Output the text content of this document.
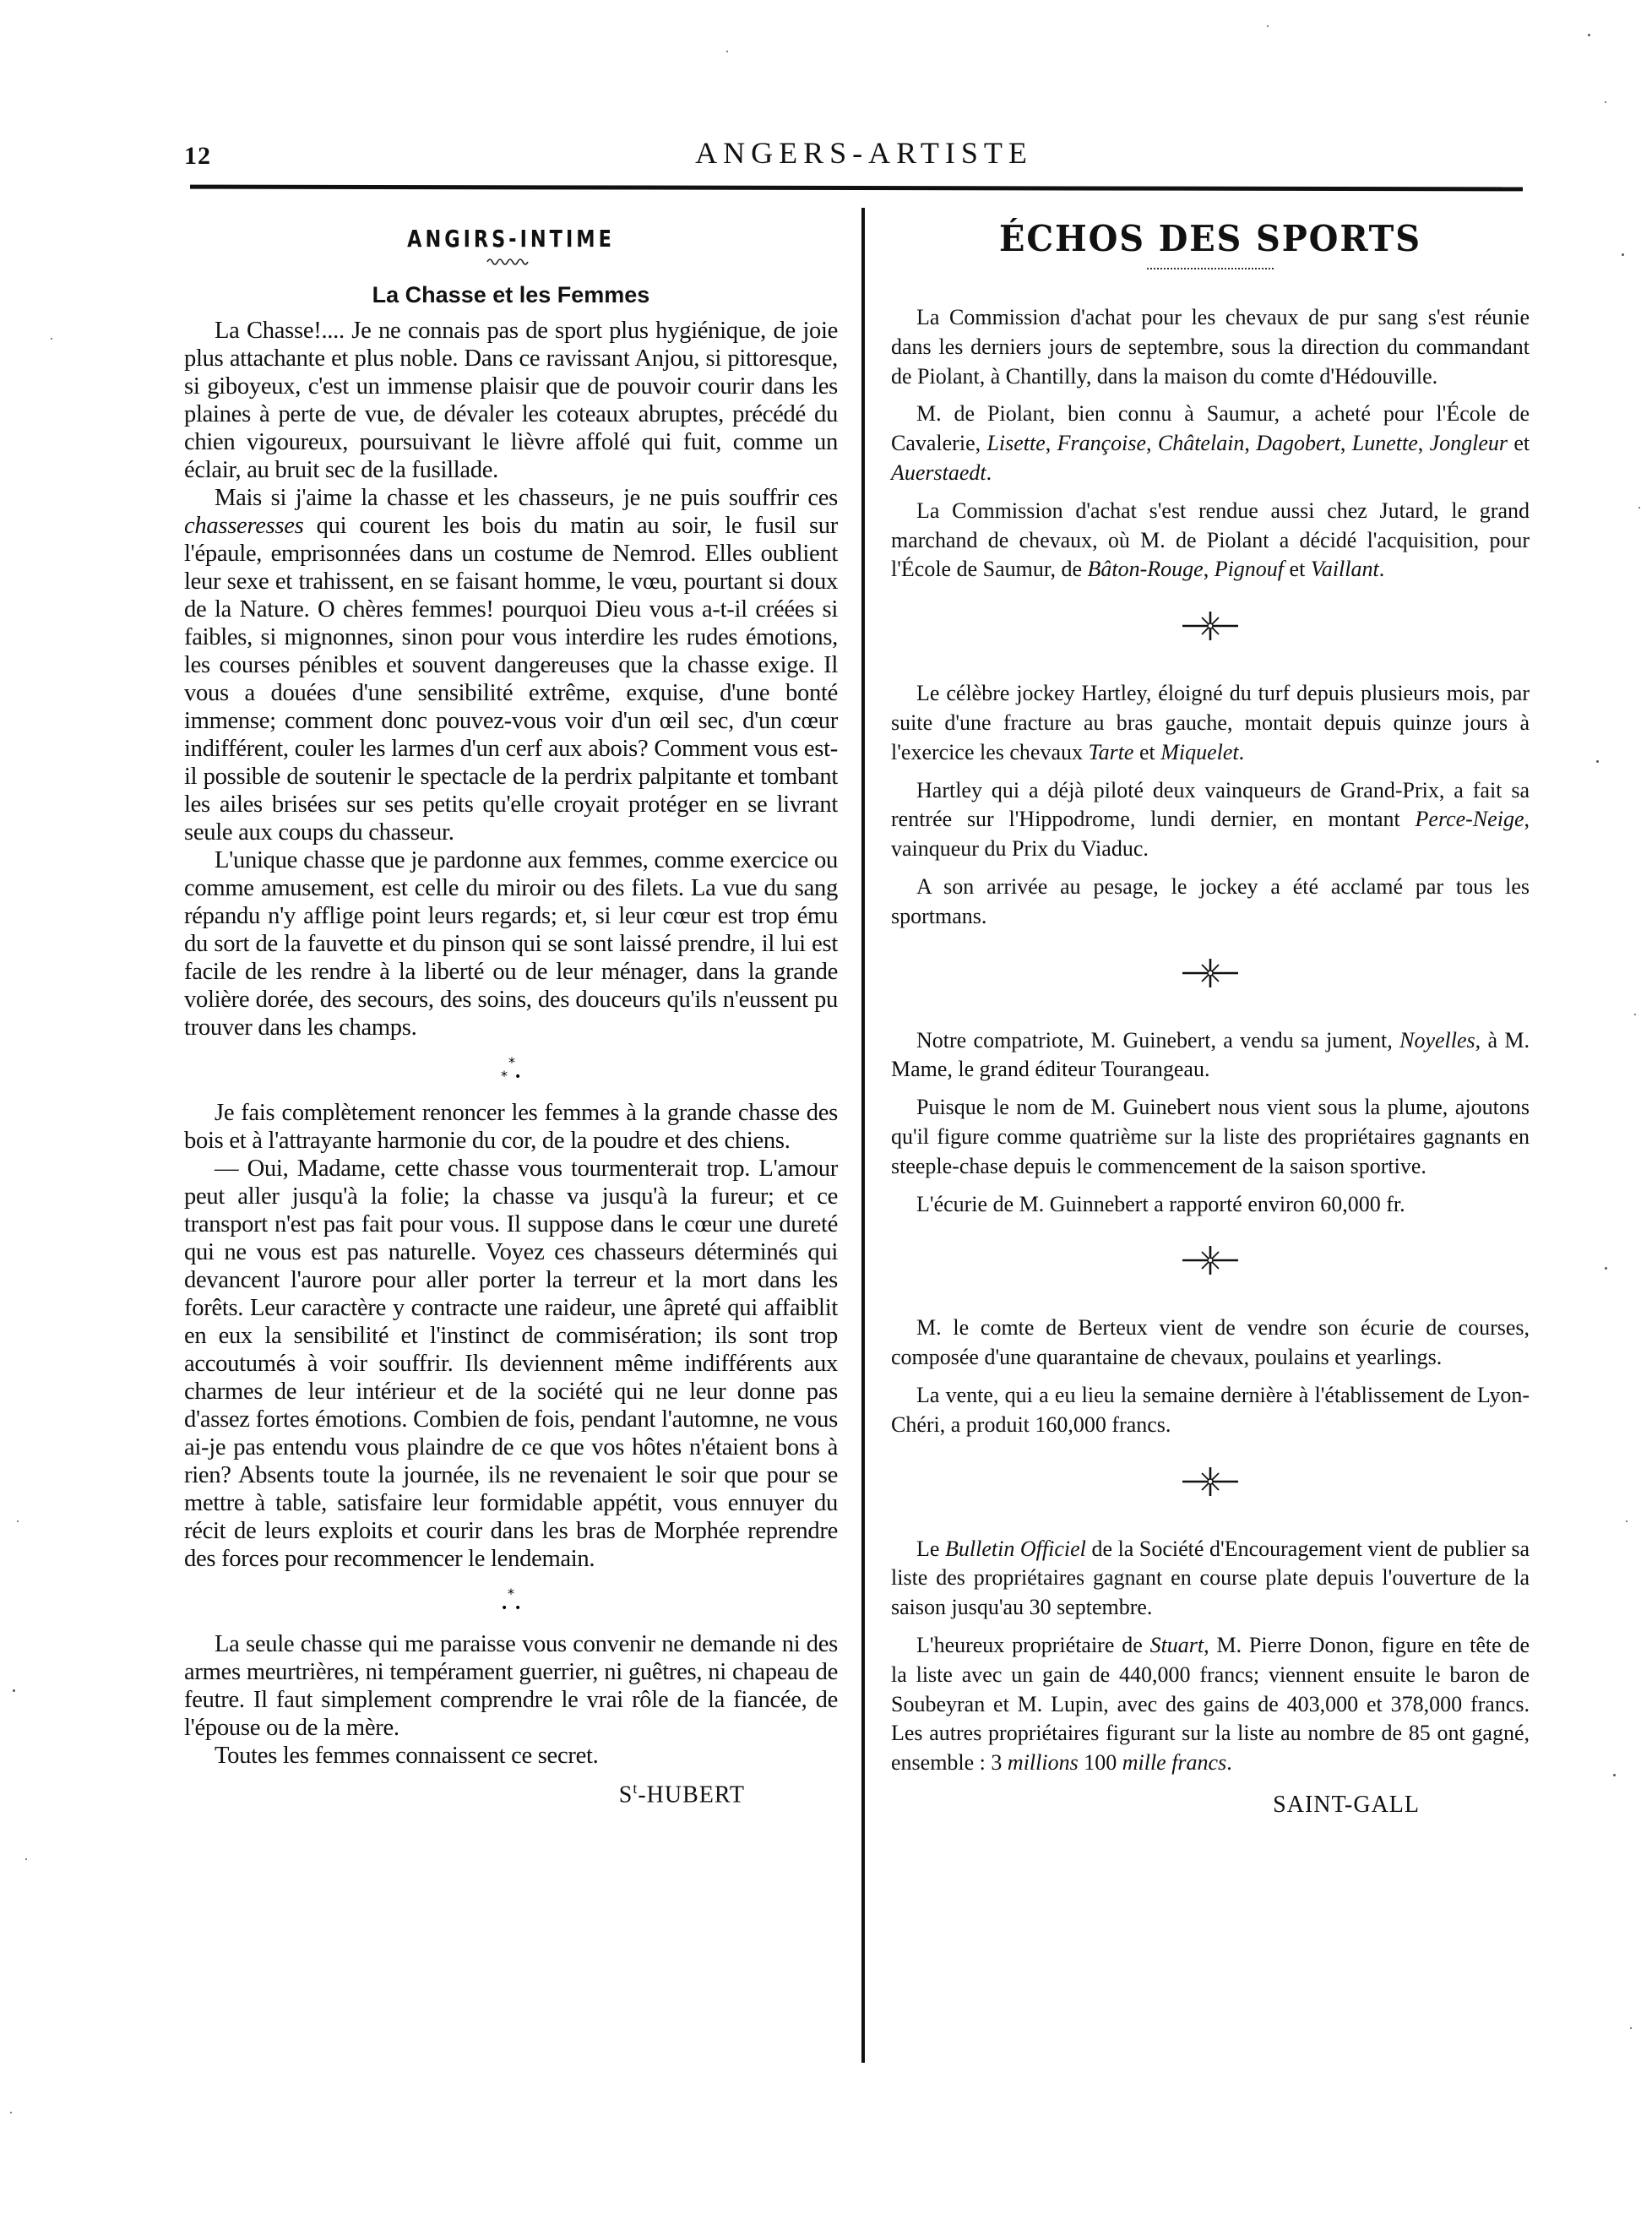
12	ANGERS-ARTISTE
ANGIRS-INTIME
La Chasse et les Femmes

La Chasse!.... Je ne connais pas de sport plus hygiénique, de joie plus attachante et plus noble. Dans ce ravissant Anjou, si pittoresque, si giboyeux, c'est un immense plaisir que de pouvoir courir dans les plaines à perte de vue, de dévaler les coteaux abruptes, précédé du chien vigoureux, poursuivant le lièvre affolé qui fuit, comme un éclair, au bruit sec de la fusillade.

Mais si j'aime la chasse et les chasseurs, je ne puis souffrir ces chasseresses qui courent les bois du matin au soir, le fusil sur l'épaule, emprisonnées dans un costume de Nemrod. Elles oublient leur sexe et trahissent, en se faisant homme, le vœu, pourtant si doux de la Nature. O chères femmes! pourquoi Dieu vous a-t-il créées si faibles, si mignonnes, sinon pour vous interdire les rudes émotions, les courses pénibles et souvent dangereuses que la chasse exige. Il vous a douées d'une sensibilité extrême, exquise, d'une bonté immense; comment donc pouvez-vous voir d'un œil sec, d'un cœur indifférent, couler les larmes d'un cerf aux abois? Comment vous est-il possible de soutenir le spectacle de la perdrix palpitante et tombant les ailes brisées sur ses petits qu'elle croyait protéger en se livrant seule aux coups du chasseur.

L'unique chasse que je pardonne aux femmes, comme exercice ou comme amusement, est celle du miroir ou des filets. La vue du sang répandu n'y afflige point leurs regards; et, si leur cœur est trop ému du sort de la fauvette et du pinson qui se sont laissé prendre, il lui est facile de les rendre à la liberté ou de leur ménager, dans la grande volière dorée, des secours, des soins, des douceurs qu'ils n'eussent pu trouver dans les champs.

*
* •

Je fais complètement renoncer les femmes à la grande chasse des bois et à l'attrayante harmonie du cor, de la poudre et des chiens.

— Oui, Madame, cette chasse vous tourmenterait trop. L'amour peut aller jusqu'à la folie; la chasse va jusqu'à la fureur; et ce transport n'est pas fait pour vous. Il suppose dans le cœur une dureté qui ne vous est pas naturelle. Voyez ces chasseurs déterminés qui devancent l'aurore pour aller porter la terreur et la mort dans les forêts. Leur caractère y contracte une raideur, une âpreté qui affaiblit en eux la sensibilité et l'instinct de commisération; ils sont trop accoutumés à voir souffrir. Ils deviennent même indifférents aux charmes de leur intérieur et de la société qui ne leur donne pas d'assez fortes émotions. Combien de fois, pendant l'automne, ne vous ai-je pas entendu vous plaindre de ce que vos hôtes n'étaient bons à rien? Absents toute la journée, ils ne revenaient le soir que pour se mettre à table, satisfaire leur formidable appétit, vous ennuyer du récit de leurs exploits et courir dans les bras de Morphée reprendre des forces pour recommencer le lendemain.

*
• •

La seule chasse qui me paraisse vous convenir ne demande ni des armes meurtrières, ni tempérament guerrier, ni guêtres, ni chapeau de feutre. Il faut simplement comprendre le vrai rôle de la fiancée, de l'épouse ou de la mère.

Toutes les femmes connaissent ce secret.

$S^t$-HUBERT
ÉCHOS DES SPORTS

La Commission d'achat pour les chevaux de pur sang s'est réunie dans les derniers jours de septembre, sous la direction du commandant de Piolant, à Chantilly, dans la maison du comte d'Hédouville.

M. de Piolant, bien connu à Saumur, a acheté pour l'École de Cavalerie, Lisette, Françoise, Châtelain, Dagobert, Lunette, Jongleur et Auerstaedt.

La Commission d'achat s'est rendue aussi chez Jutard, le grand marchand de chevaux, où M. de Piolant a décidé l'acquisition, pour l'École de Saumur, de Bâton-Rouge, Pignouf et Vaillant.

Le célèbre jockey Hartley, éloigné du turf depuis plusieurs mois, par suite d'une fracture au bras gauche, montait depuis quinze jours à l'exercice les chevaux Tarte et Miquelet.

Hartley qui a déjà piloté deux vainqueurs de Grand-Prix, a fait sa rentrée sur l'Hippodrome, lundi dernier, en montant Perce-Neige, vainqueur du Prix du Viaduc.

A son arrivée au pesage, le jockey a été acclamé par tous les sportmans.

Notre compatriote, M. Guinebert, a vendu sa jument, Noyelles, à M. Mame, le grand éditeur Tourangeau.

Puisque le nom de M. Guinebert nous vient sous la plume, ajoutons qu'il figure comme quatrième sur la liste des propriétaires gagnants en steeple-chase depuis le commencement de la saison sportive.

L'écurie de M. Guinnebert a rapporté environ 60,000 fr.

M. le comte de Berteux vient de vendre son écurie de courses, composée d'une quarantaine de chevaux, poulains et yearlings.

La vente, qui a eu lieu la semaine dernière à l'établissement de Lyon-Chéri, a produit 160,000 francs.

Le Bulletin Officiel de la Société d'Encouragement vient de publier sa liste des propriétaires gagnant en course plate depuis l'ouverture de la saison jusqu'au 30 septembre.

L'heureux propriétaire de Stuart, M. Pierre Donon, figure en tête de la liste avec un gain de 440,000 francs; viennent ensuite le baron de Soubeyran et M. Lupin, avec des gains de 403,000 et 378,000 francs. Les autres propriétaires figurant sur la liste au nombre de 85 ont gagné, ensemble : 3 millions 100 mille francs.

SAINT-GALL
